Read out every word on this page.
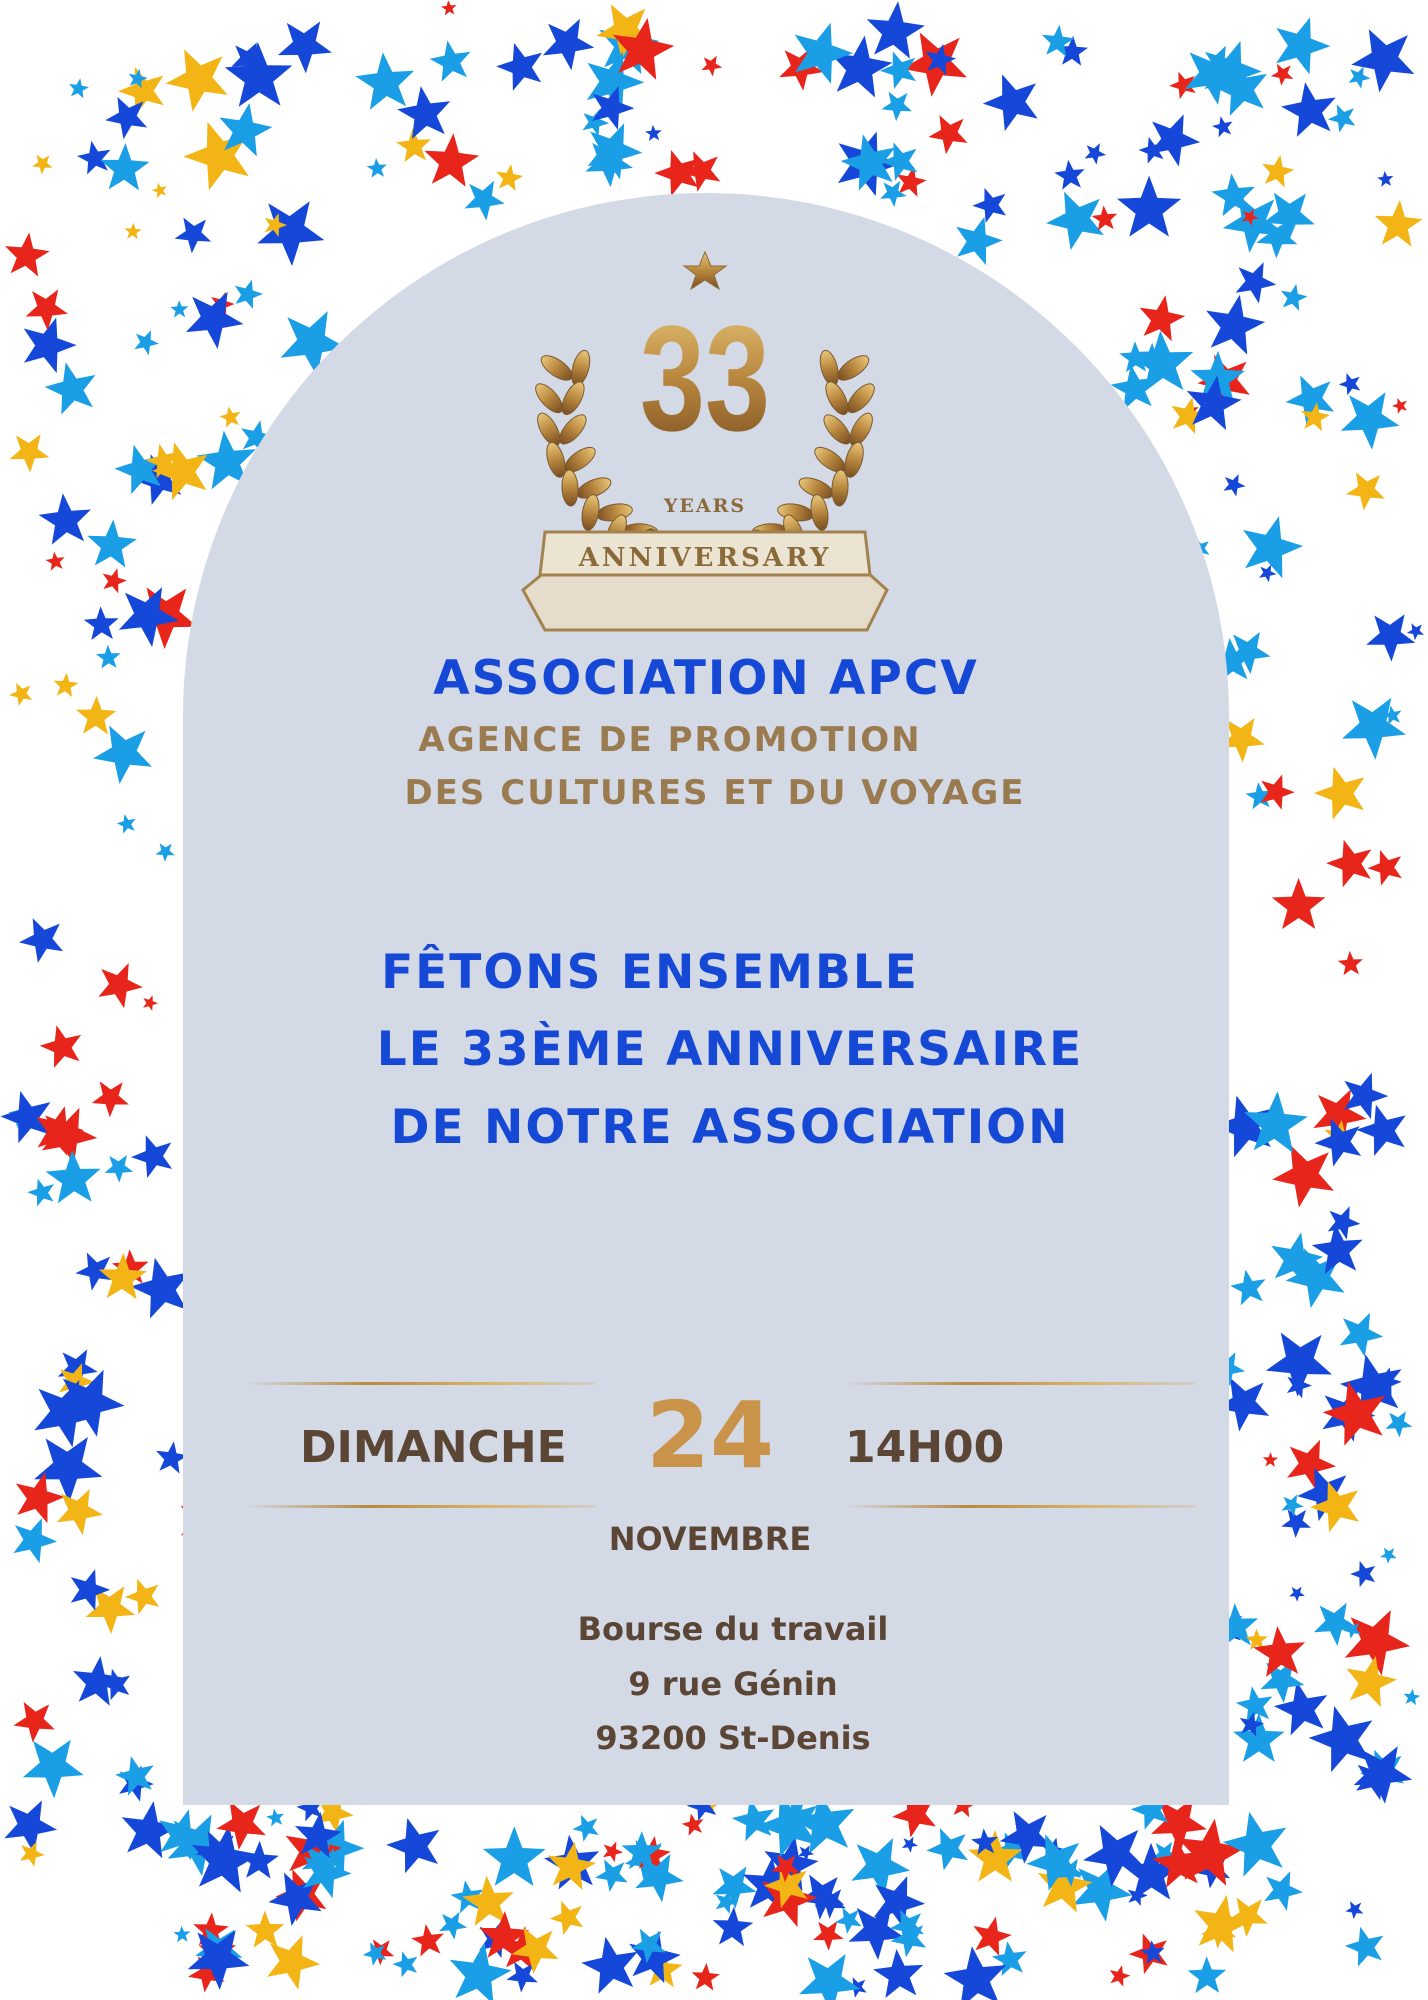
33
YEARS
ANNIVERSARY
ASSOCIATION APCV
AGENCE DE PROMOTION
DES CULTURES ET DU VOYAGE
FÊTONS ENSEMBLE
LE 33ÈME ANNIVERSAIRE
DE NOTRE ASSOCIATION
DIMANCHE 24 14H00
NOVEMBRE
Bourse du travail
9 rue Génin
93200 St-Denis
